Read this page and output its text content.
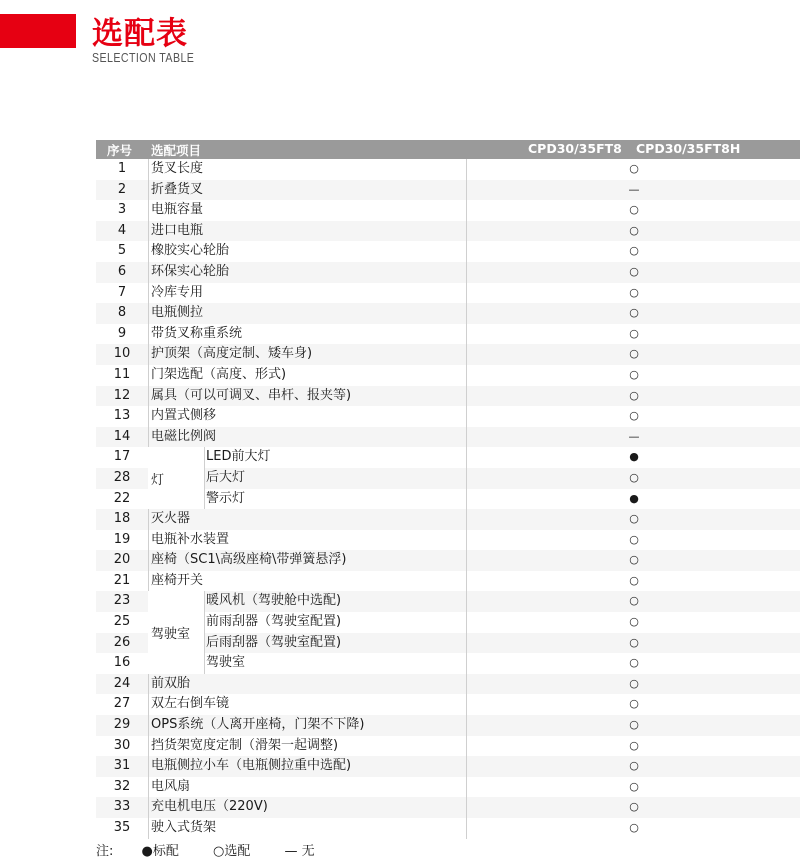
选配表
SELECTION TABLE
序号 选配项目	CPD30/35FT8 CPD30/35FT8H
1	货叉长度	○
2	折叠货叉	—
3	电瓶容量	○
4	进口电瓶	○
5	橡胶实心轮胎	○
6	环保实心轮胎	○
7	冷库专用	○
8	电瓶侧拉	○
9	带货叉称重系统	○
10	护顶架（高度定制、矮车身)	○
11	门架选配（高度、形式)	○
12	属具（可以可调叉、串杆、报夹等)	○
13	内置式侧移	○
14	电磁比例阀	—
灯
17	LED前大灯	●
28	后大灯	○
22	警示灯	●
18	灭火器	○
19	电瓶补水装置	○
20	座椅（SC1\高级座椅\带弹簧悬浮)	○
21	座椅开关	○
驾驶室
23	暖风机（驾驶舱中选配)	○
25	前雨刮器（驾驶室配置)	○
26	后雨刮器（驾驶室配置)	○
16	驾驶室	○
24	前双胎	○
27	双左右倒车镜	○
29	OPS系统（人离开座椅，门架不下降)	○
30	挡货架宽度定制（滑架一起调整)	○
31	电瓶侧拉小车（电瓶侧拉重中选配)	○
32	电风扇	○
33	充电机电压（220V)	○
35	驶入式货架	○
注: ●标配	○选配	— 无
